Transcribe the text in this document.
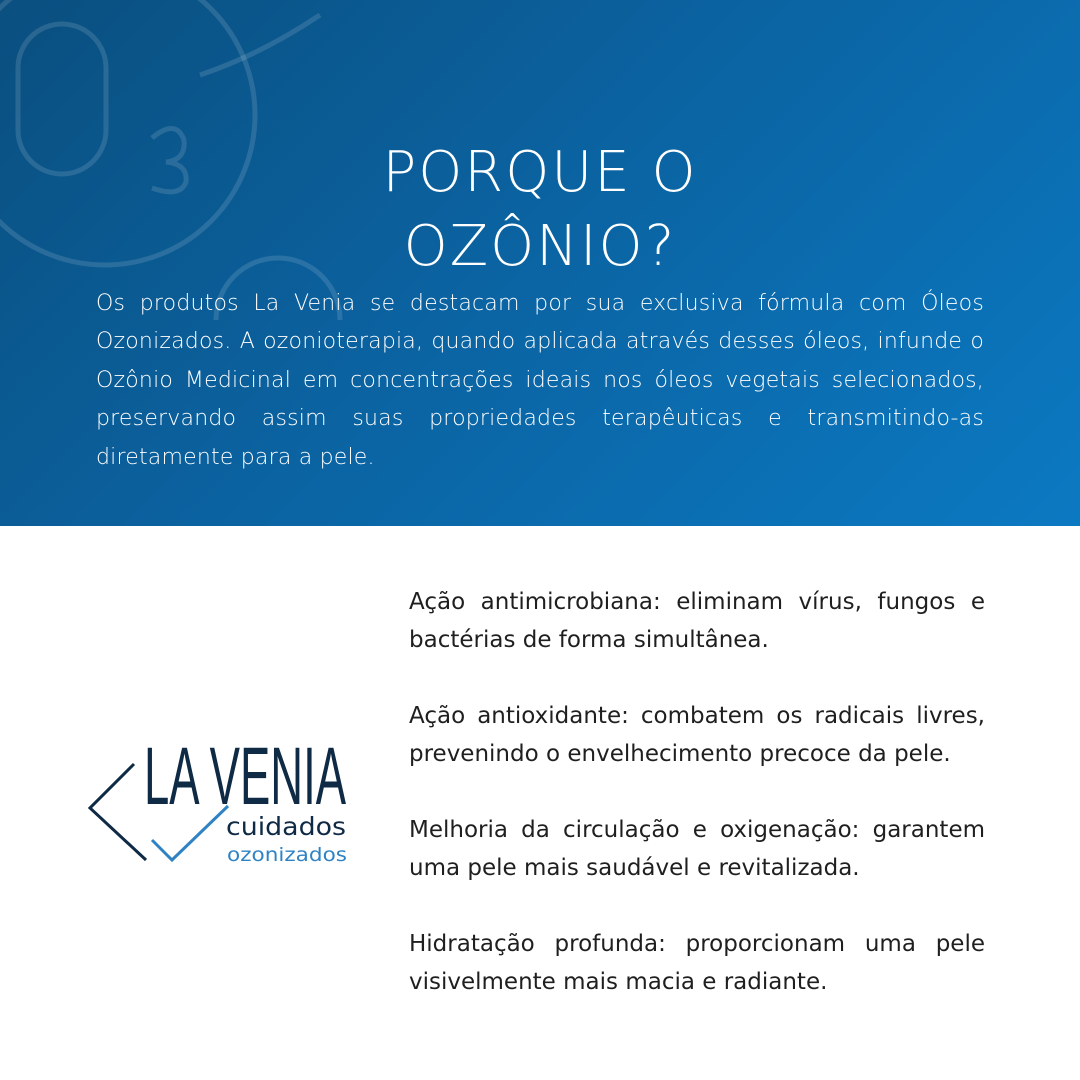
PORQUE O
OZÔNIO?

Os produtos La Venia se destacam por sua exclusiva fórmula com Óleos Ozonizados. A ozonioterapia, quando aplicada através desses óleos, infunde o Ozônio Medicinal em concentrações ideais nos óleos vegetais selecionados, preservando assim suas propriedades terapêuticas e transmitindo-as diretamente para a pele.

LA VENIA
cuidados
ozonizados

Ação antimicrobiana: eliminam vírus, fungos e bactérias de forma simultânea.

Ação antioxidante: combatem os radicais livres, prevenindo o envelhecimento precoce da pele.

Melhoria da circulação e oxigenação: garantem uma pele mais saudável e revitalizada.

Hidratação profunda: proporcionam uma pele visivelmente mais macia e radiante.
